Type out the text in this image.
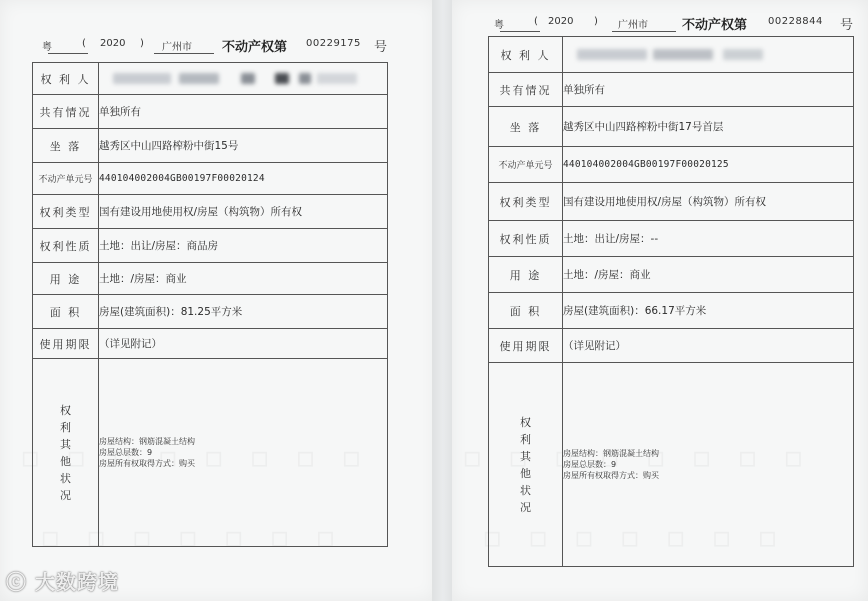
粤	( 2020 ) 广州市 不动产权第 00229175 号
权 利 人	

共有情况	单独所有
坐 落	越秀区中山四路榨粉中街15号
不动产单元号	440104002004GB00197F00020124
权利类型	国有建设用地使用权/房屋（构筑物）所有权
权利性质	土地：出让/房屋：商品房
用 途	土地：/房屋：商业
面 积	房屋(建筑面积)：81.25平方米
使用期限	（详见附记）

权利其他状况	房屋结构：钢筋混凝土结构
房屋总层数：9
房屋所有权取得方式：购买
粤	( 2020 ) 广州市	不动产权第 00228844 号
权 利 人	

共有情况	单独所有
坐 落	越秀区中山四路榨粉中街17号首层
不动产单元号	440104002004GB00197F00020125
权利类型	国有建设用地使用权/房屋（构筑物）所有权
权利性质	土地：出让/房屋：--
用 途	土地：/房屋：商业
面 积	房屋(建筑面积)：66.17平方米
使用期限	（详见附记）

权利其他状况	房屋结构：钢筋混凝土结构
房屋总层数：9
房屋所有权取得方式：购买
ⓒ 大数跨境
